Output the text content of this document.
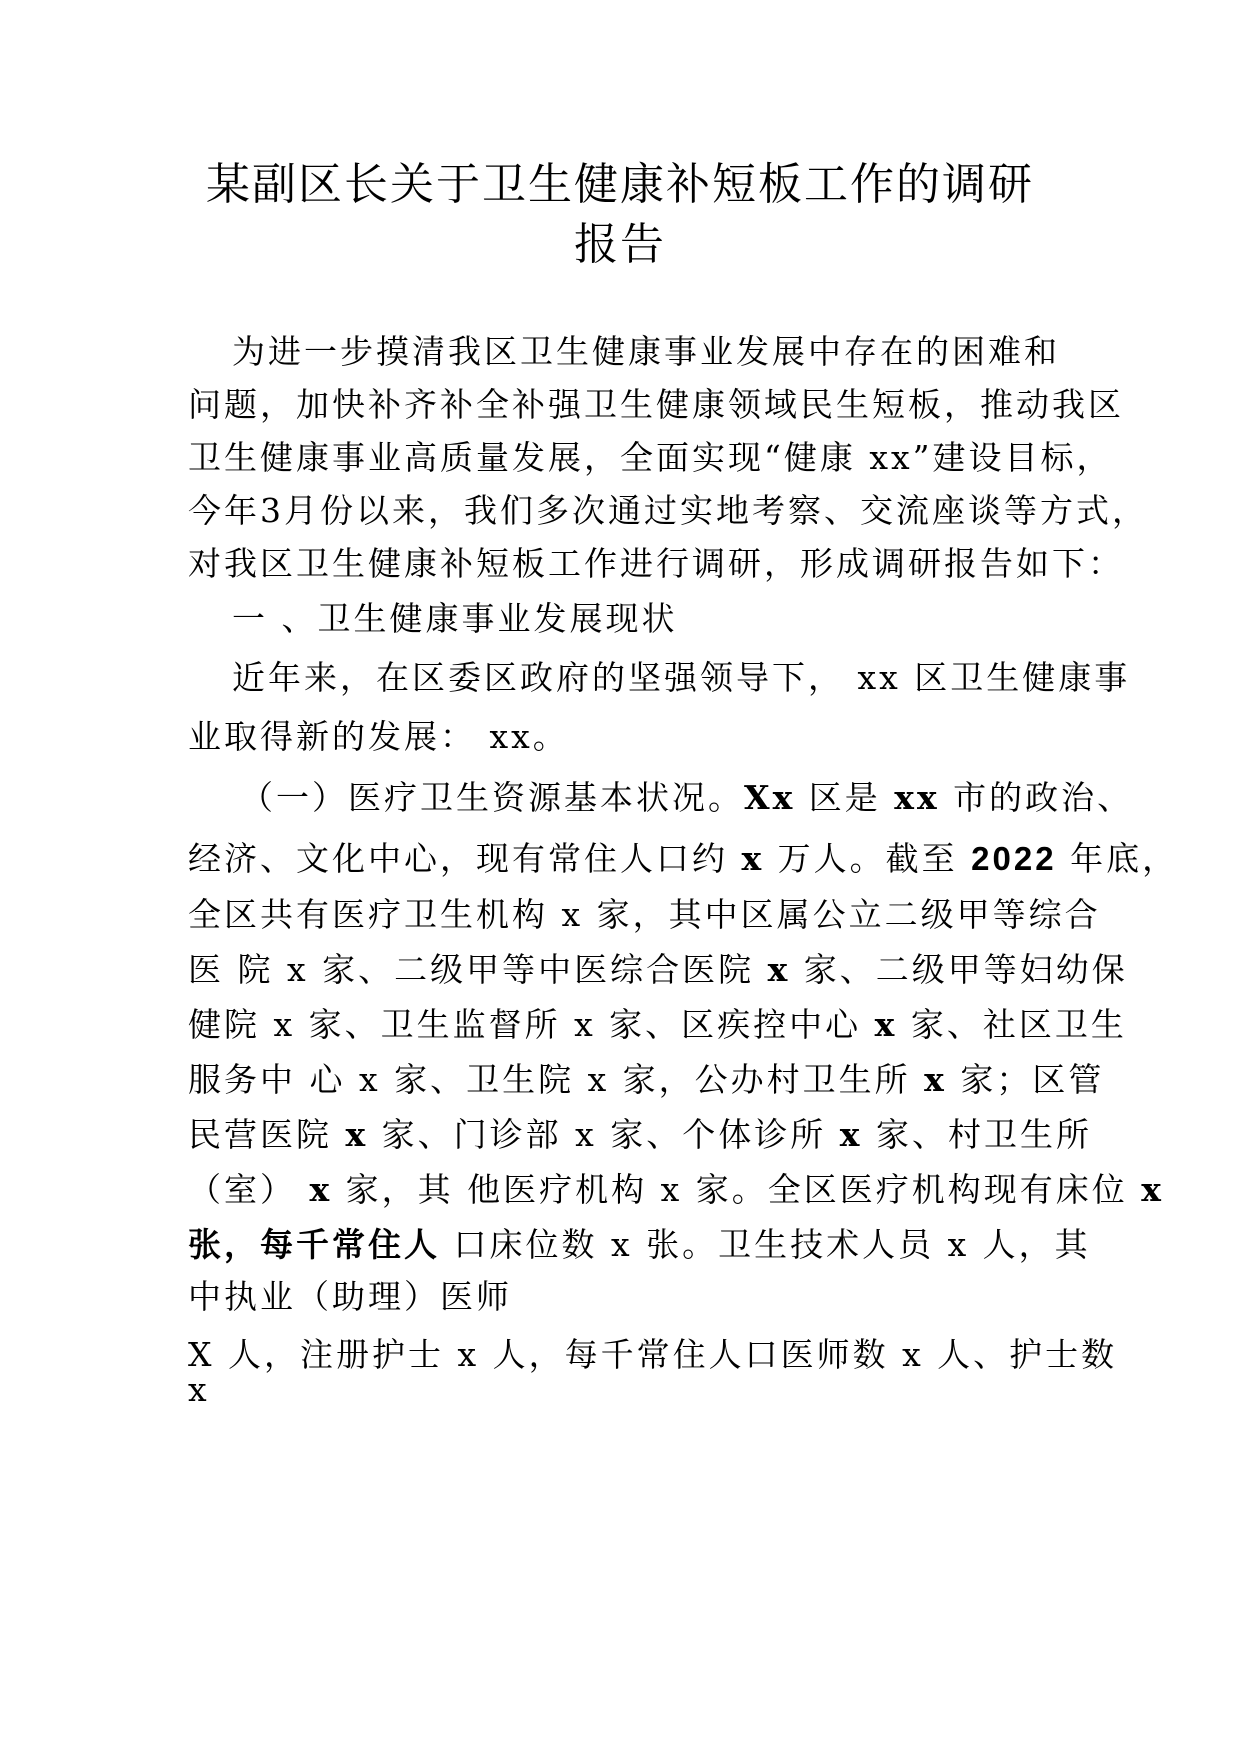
某副区长关于卫生健康补短板工作的调研
报告
为进一步摸清我区卫生健康事业发展中存在的困难和
问题，加快补齐补全补强卫生健康领域民生短板，推动我区
卫生健康事业高质量发展，全面实现“健康 xx”建设目标，
今年3月份以来，我们多次通过实地考察、交流座谈等方式，
对我区卫生健康补短板工作进行调研，形成调研报告如下：
一 、卫生健康事业发展现状
近年来，在区委区政府的坚强领导下， xx 区卫生健康事
业取得新的发展： xx。
（一）医疗卫生资源基本状况。Xx 区是 xx 市的政治、
经济、文化中心，现有常住人口约 x 万人。截至 2022 年底，
全区共有医疗卫生机构 x 家，其中区属公立二级甲等综合
医 院 x 家、二级甲等中医综合医院 x 家、二级甲等妇幼保
健院 x 家、卫生监督所 x 家、区疾控中心 x 家、社区卫生
服务中 心 x 家、卫生院 x 家，公办村卫生所 x 家；区管
民营医院 x 家、门诊部 x 家、个体诊所 x 家、村卫生所
（室） x 家，其 他医疗机构 x 家。全区医疗机构现有床位 x
张，每千常住人 口床位数 x 张。卫生技术人员 x 人，其
中执业（助理）医师
X 人，注册护士 x 人，每千常住人口医师数 x 人、护士数
x
